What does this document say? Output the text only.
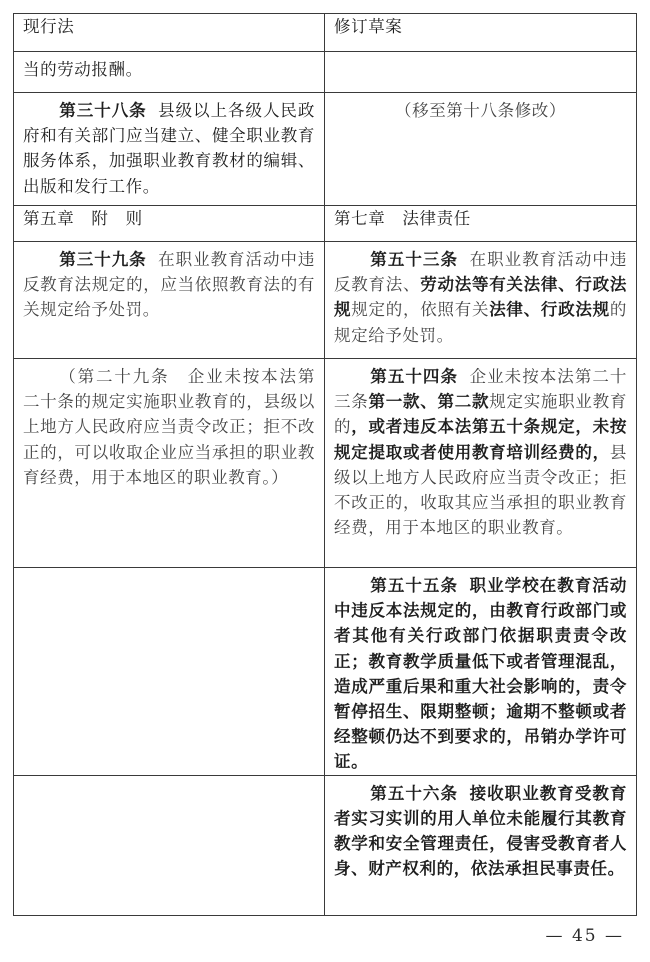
现行法	修订草案
当的劳动报酬。	
第三十八条 县级以上各级人民政府和有关部门应当建立、健全职业教育服务体系，加强职业教育教材的编辑、出版和发行工作。	（移至第十八条修改）

第五章　附　则	第七章　法律责任
第三十九条 在职业教育活动中违反教育法规定的，应当依照教育法的有关规定给予处罚。	第五十三条 在职业教育活动中违反教育法、劳动法等有关法律、行政法规规定的，依照有关法律、行政法规的规定给予处罚。

（第二十九条　企业未按本法第二十条的规定实施职业教育的，县级以上地方人民政府应当责令改正；拒不改正的，可以收取企业应当承担的职业教育经费，用于本地区的职业教育。）	第五十四条 企业未按本法第二十三条第一款、第二款规定实施职业教育的，或者违反本法第五十条规定，未按规定提取或者使用教育培训经费的，县级以上地方人民政府应当责令改正；拒不改正的，收取其应当承担的职业教育经费，用于本地区的职业教育。
	第五十五条 职业学校在教育活动中违反本法规定的，由教育行政部门或者其他有关行政部门依据职责责令改正；教育教学质量低下或者管理混乱，造成严重后果和重大社会影响的，责令暂停招生、限期整顿；逾期不整顿或者经整顿仍达不到要求的，吊销办学许可证。
	第五十六条 接收职业教育受教育者实习实训的用人单位未能履行其教育教学和安全管理责任，侵害受教育者人身、财产权利的，依法承担民事责任。
— 45 —
